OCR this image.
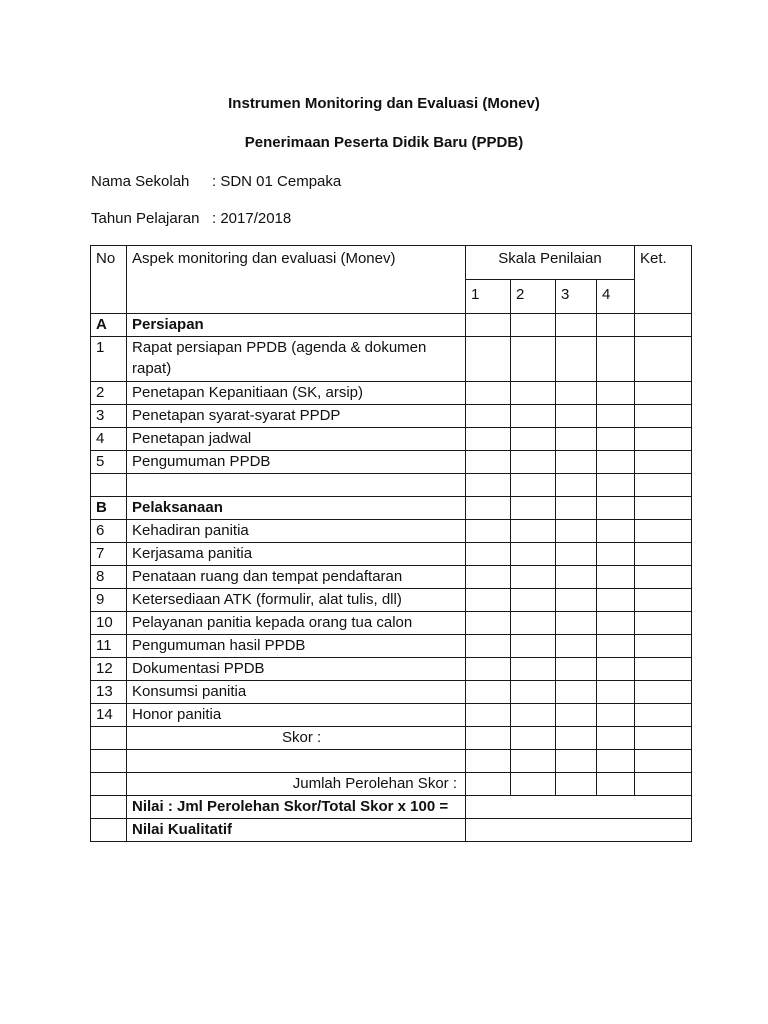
Instrumen Monitoring dan Evaluasi (Monev)
Penerimaan Peserta Didik Baru (PPDB)
Nama Sekolah : SDN 01 Cempaka
Tahun Pelajaran : 2017/2018
No	Aspek monitoring dan evaluasi (Monev)	Skala Penilaian				Ket.
		1	2	3	4	
A	Persiapan					
1	Rapat persiapan PPDB (agenda & dokumen rapat)					
2	Penetapan Kepanitiaan (SK, arsip)					
3	Penetapan syarat-syarat PPDP					
4	Penetapan jadwal					
5	Pengumuman PPDB					

B	Pelaksanaan					
6	Kehadiran panitia					
7	Kerjasama panitia					
8	Penataan ruang dan tempat pendaftaran					
9	Ketersediaan ATK (formulir, alat tulis, dll)					
10	Pelayanan panitia kepada orang tua calon					
11	Pengumuman hasil PPDB					
12	Dokumentasi PPDB					
13	Konsumsi panitia					
14	Honor panitia					
	Skor :					

	Jumlah Perolehan Skor :					
	Nilai : Jml Perolehan Skor/Total Skor x 100 =					
	Nilai Kualitatif					
